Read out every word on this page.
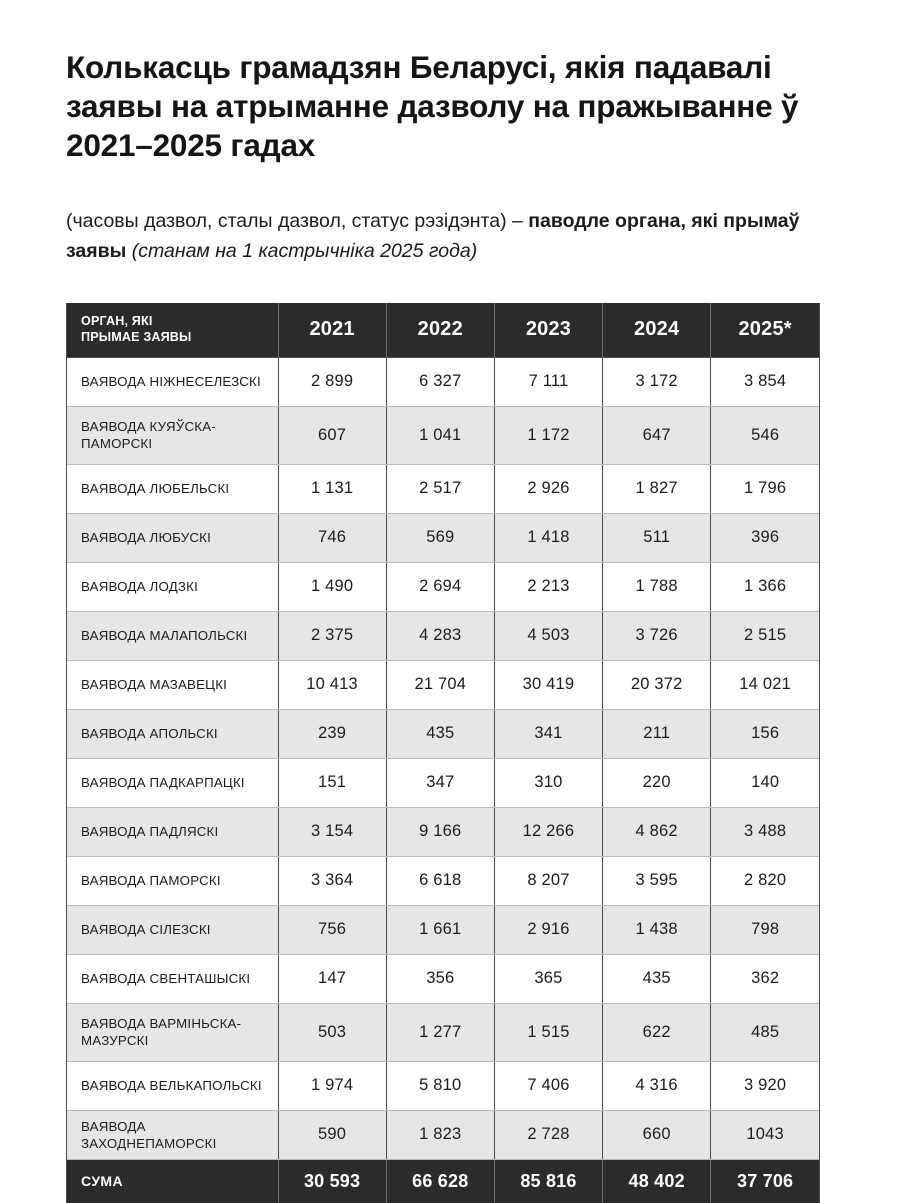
Колькасць грамадзян Беларусі, якія падавалі заявы на атрыманне дазволу на пражыванне ў 2021–2025 гадах

(часовы дазвол, сталы дазвол, статус рэзідэнта) – паводле органа, які прымаў заявы (станам на 1 кастрычніка 2025 года)

ОРГАН, ЯКІ
ПРЫМАЕ ЗАЯВЫ	2021	2022	2023	2024	2025*
ВАЯВОДА НІЖНЕСЕЛЕЗСКІ	2 899	6 327	7 111	3 172	3 854
ВАЯВОДА КУЯЎСКА-ПАМОРСКІ	607	1 041	1 172	647	546
ВАЯВОДА ЛЮБЕЛЬСКІ	1 131	2 517	2 926	1 827	1 796
ВАЯВОДА ЛЮБУСКІ	746	569	1 418	511	396
ВАЯВОДА ЛОДЗКІ	1 490	2 694	2 213	1 788	1 366
ВАЯВОДА МАЛАПОЛЬСКІ	2 375	4 283	4 503	3 726	2 515
ВАЯВОДА МАЗАВЕЦКІ	10 413	21 704	30 419	20 372	14 021
ВАЯВОДА АПОЛЬСКІ	239	435	341	211	156
ВАЯВОДА ПАДКАРПАЦКІ	151	347	310	220	140
ВАЯВОДА ПАДЛЯСКІ	3 154	9 166	12 266	4 862	3 488
ВАЯВОДА ПАМОРСКІ	3 364	6 618	8 207	3 595	2 820
ВАЯВОДА СІЛЕЗСКІ	756	1 661	2 916	1 438	798
ВАЯВОДА СВЕНТАШЫСКІ	147	356	365	435	362
ВАЯВОДА ВАРМІНЬСКА-МАЗУРСКІ	503	1 277	1 515	622	485
ВАЯВОДА ВЕЛЬКАПОЛЬСКІ	1 974	5 810	7 406	4 316	3 920
ВАЯВОДА ЗАХОДНЕПАМОРСКІ	590	1 823	2 728	660	1043
СУМА	30 593	66 628	85 816	48 402	37 706
